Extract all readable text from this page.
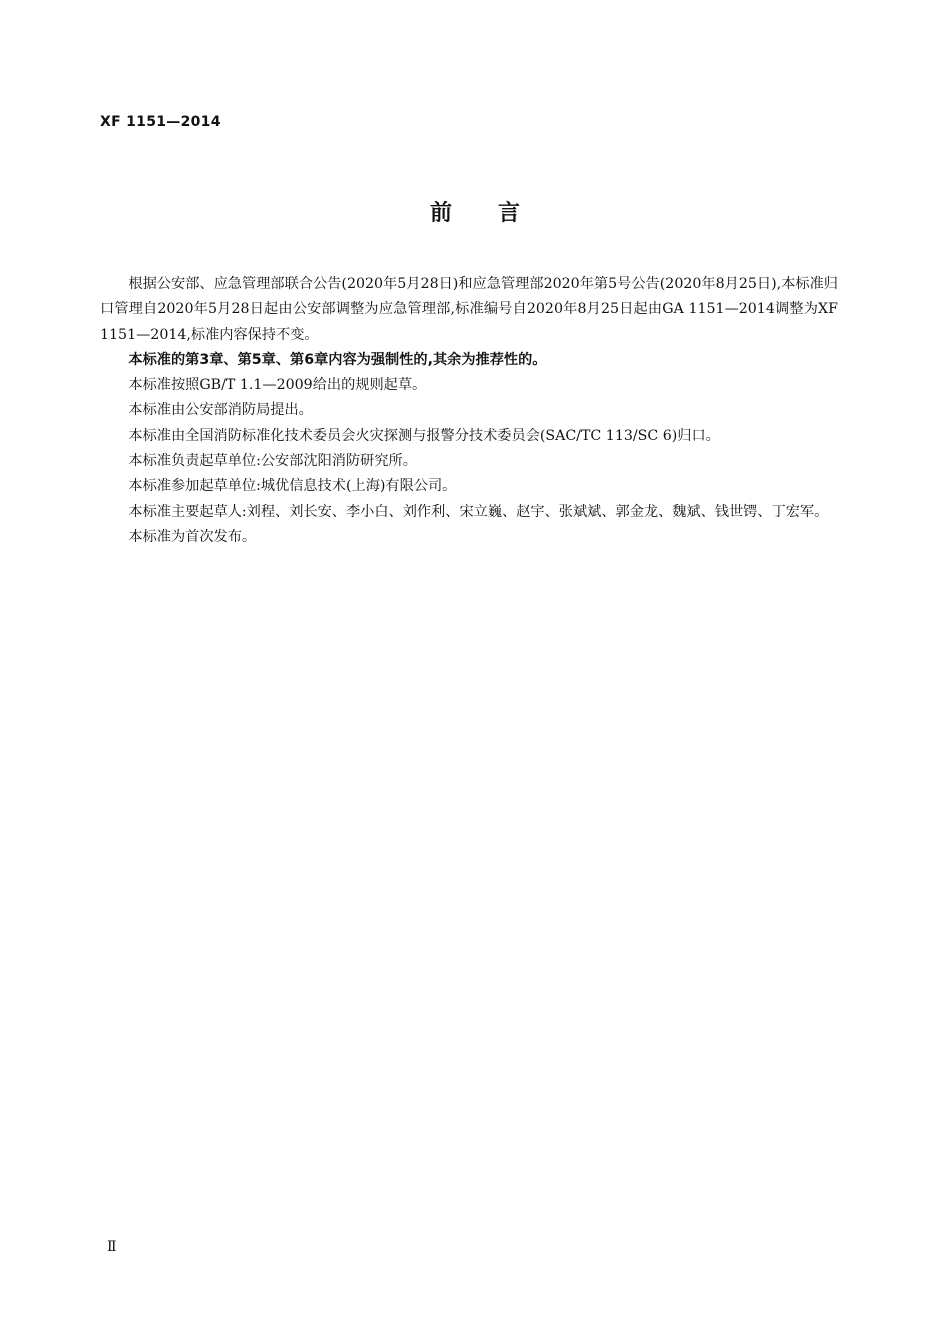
XF 1151—2014
前言

根据公安部、应急管理部联合公告(2020年5月28日)和应急管理部2020年第5号公告(2020年8月25日),本标准归口管理自2020年5月28日起由公安部调整为应急管理部,标准编号自2020年8月25日起由GA 1151—2014调整为XF 1151—2014,标准内容保持不变。

本标准的第3章、第5章、第6章内容为强制性的,其余为推荐性的。

本标准按照GB/T 1.1—2009给出的规则起草。

本标准由公安部消防局提出。

本标准由全国消防标准化技术委员会火灾探测与报警分技术委员会(SAC/TC 113/SC 6)归口。

本标准负责起草单位:公安部沈阳消防研究所。

本标准参加起草单位:城优信息技术(上海)有限公司。

本标准主要起草人:刘程、刘长安、李小白、刘作利、宋立巍、赵宇、张斌斌、郭金龙、魏斌、钱世锷、丁宏军。

本标准为首次发布。

Ⅱ
